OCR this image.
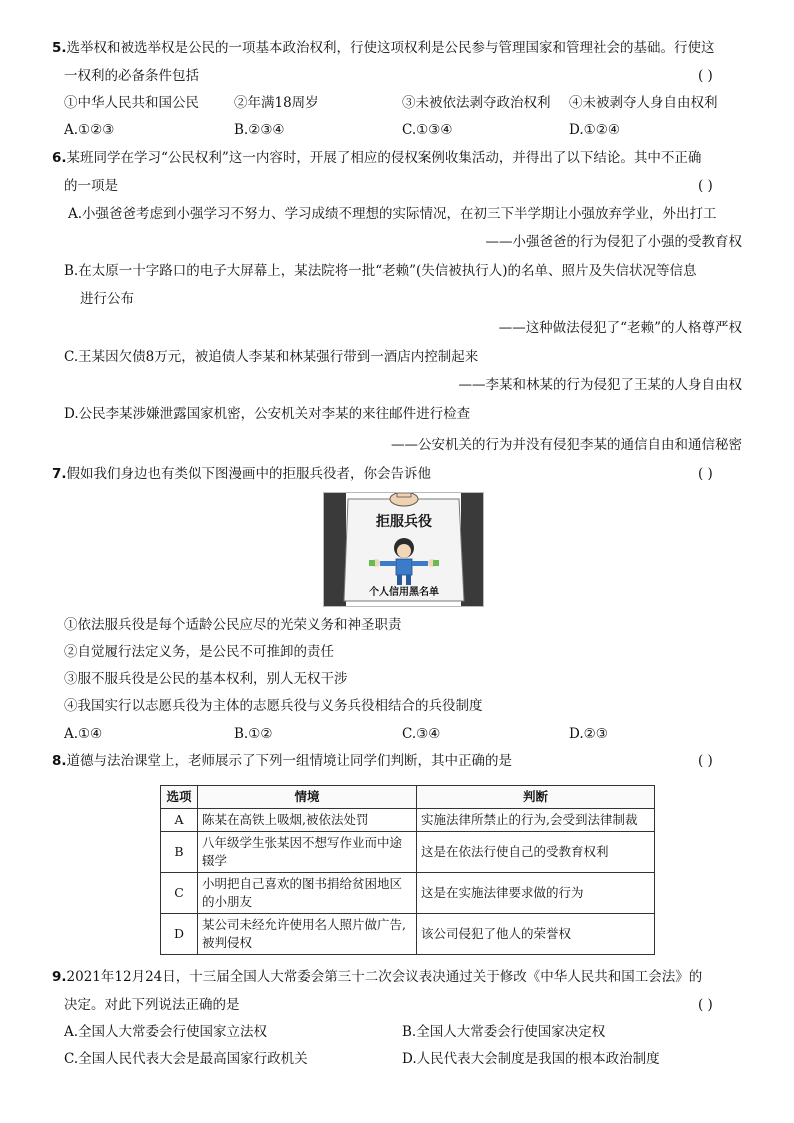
5.选举权和被选举权是公民的一项基本政治权利，行使这项权利是公民参与管理国家和管理社会的基础。行使这
一权利的必备条件包括	( )
①中华人民共和国公民	②年满18周岁	③未被依法剥夺政治权利 ④未被剥夺人身自由权利
A.①②③	B.②③④	C.①③④	D.①②④
6.某班同学在学习“公民权利”这一内容时，开展了相应的侵权案例收集活动，并得出了以下结论。其中不正确
的一项是	( )
A.小强爸爸考虑到小强学习不努力、学习成绩不理想的实际情况，在初三下半学期让小强放弃学业，外出打工
——小强爸爸的行为侵犯了小强的受教育权
B.在太原一十字路口的电子大屏幕上，某法院将一批“老赖”(失信被执行人)的名单、照片及失信状况等信息
进行公布
——这种做法侵犯了“老赖”的人格尊严权
C.王某因欠债8万元，被追债人李某和林某强行带到一酒店内控制起来
——李某和林某的行为侵犯了王某的人身自由权
D.公民李某涉嫌泄露国家机密，公安机关对李某的来往邮件进行检查
——公安机关的行为并没有侵犯李某的通信自由和通信秘密
7.假如我们身边也有类似下图漫画中的拒服兵役者，你会告诉他	( )
拒服兵役
个人信用黑名单
①依法服兵役是每个适龄公民应尽的光荣义务和神圣职责
②自觉履行法定义务，是公民不可推卸的责任
③服不服兵役是公民的基本权利，别人无权干涉
④我国实行以志愿兵役为主体的志愿兵役与义务兵役相结合的兵役制度
A.①④	B.①②	C.③④	D.②③
8.道德与法治课堂上，老师展示了下列一组情境让同学们判断，其中正确的是	( )
选项	情境	判断
A	陈某在高铁上吸烟,被依法处罚	实施法律所禁止的行为,会受到法律制裁
B	八年级学生张某因不想写作业而中途辍学	这是在依法行使自己的受教育权利
C	小明把自己喜欢的图书捐给贫困地区的小朋友	这是在实施法律要求做的行为
D	某公司未经允许使用名人照片做广告,被判侵权	该公司侵犯了他人的荣誉权
9.2021年12月24日，十三届全国人大常委会第三十二次会议表决通过关于修改《中华人民共和国工会法》的
决定。对此下列说法正确的是	( )
A.全国人大常委会行使国家立法权	B.全国人大常委会行使国家决定权
C.全国人民代表大会是最高国家行政机关	D.人民代表大会制度是我国的根本政治制度
